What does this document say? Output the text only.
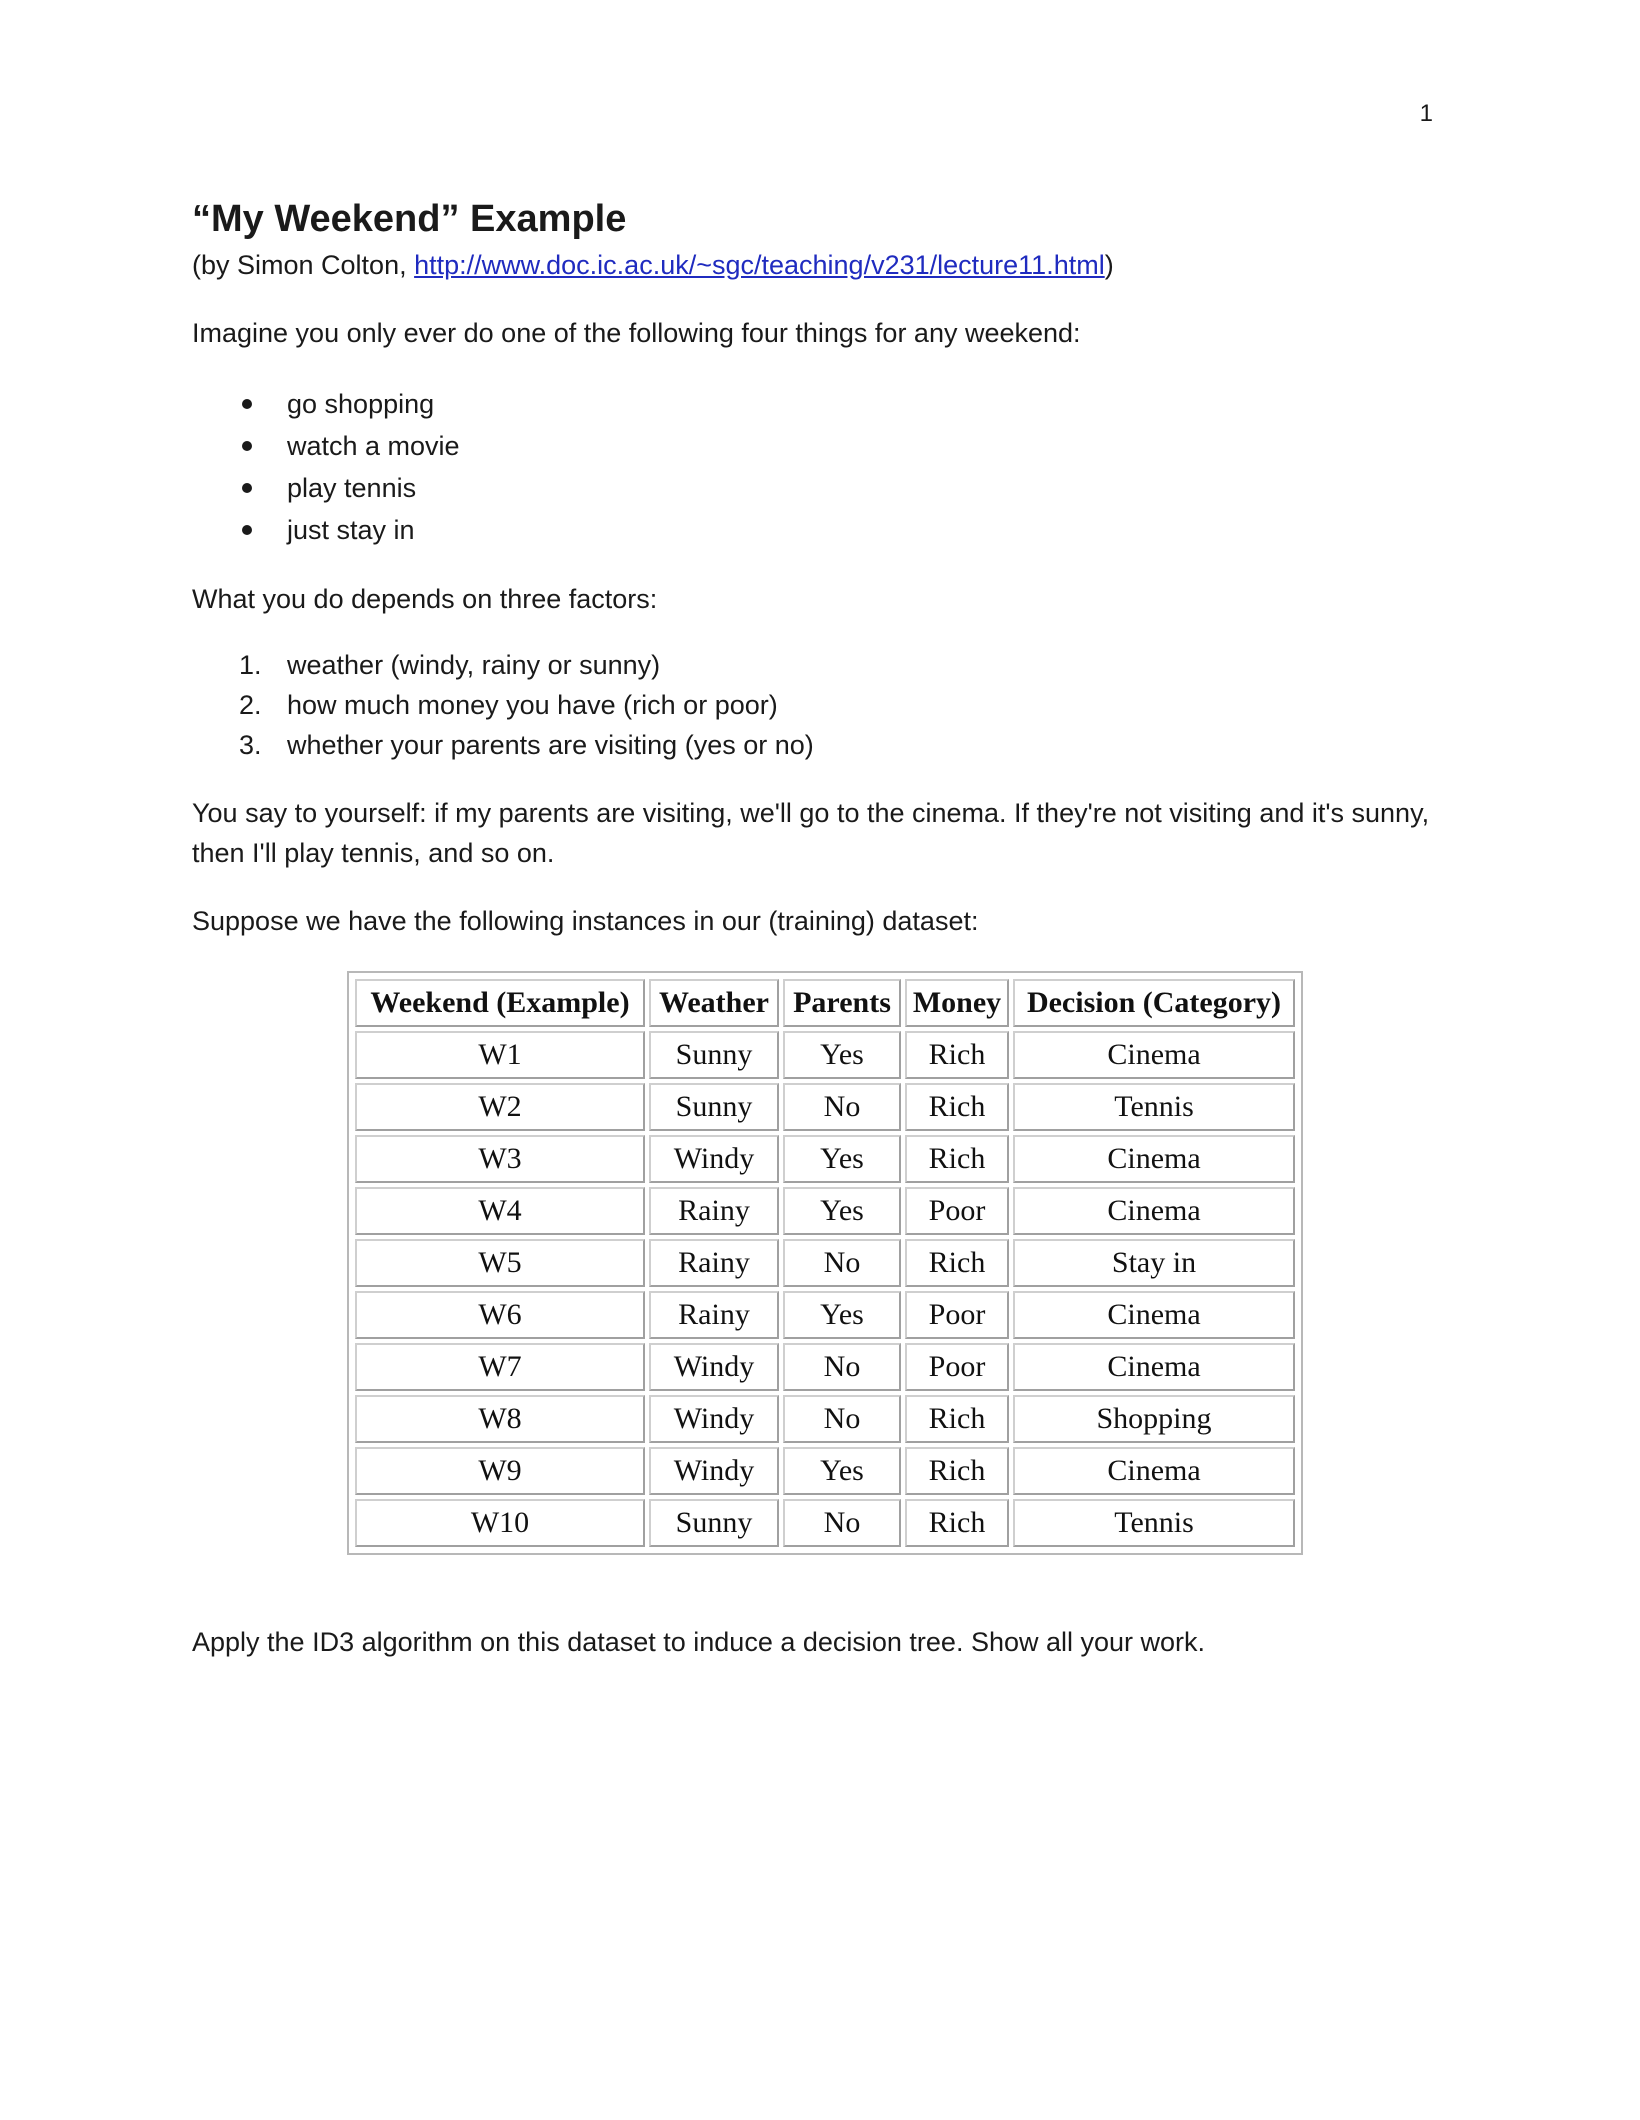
1
“My Weekend” Example

(by Simon Colton, http://www.doc.ic.ac.uk/~sgc/teaching/v231/lecture11.html)

Imagine you only ever do one of the following four things for any weekend:

go shopping
watch a movie
play tennis
just stay in

What you do depends on three factors:

1. weather (windy, rainy or sunny)
2. how much money you have (rich or poor)
3. whether your parents are visiting (yes or no)

You say to yourself: if my parents are visiting, we'll go to the cinema. If they're not visiting and it's sunny, then I'll play tennis, and so on.

Suppose we have the following instances in our (training) dataset:

Weekend (Example)	Weather	Parents	Money	Decision (Category)
W1	Sunny	Yes	Rich	Cinema
W2	Sunny	No	Rich	Tennis
W3	Windy	Yes	Rich	Cinema
W4	Rainy	Yes	Poor	Cinema
W5	Rainy	No	Rich	Stay in
W6	Rainy	Yes	Poor	Cinema
W7	Windy	No	Poor	Cinema
W8	Windy	No	Rich	Shopping
W9	Windy	Yes	Rich	Cinema
W10	Sunny	No	Rich	Tennis

Apply the ID3 algorithm on this dataset to induce a decision tree. Show all your work.
